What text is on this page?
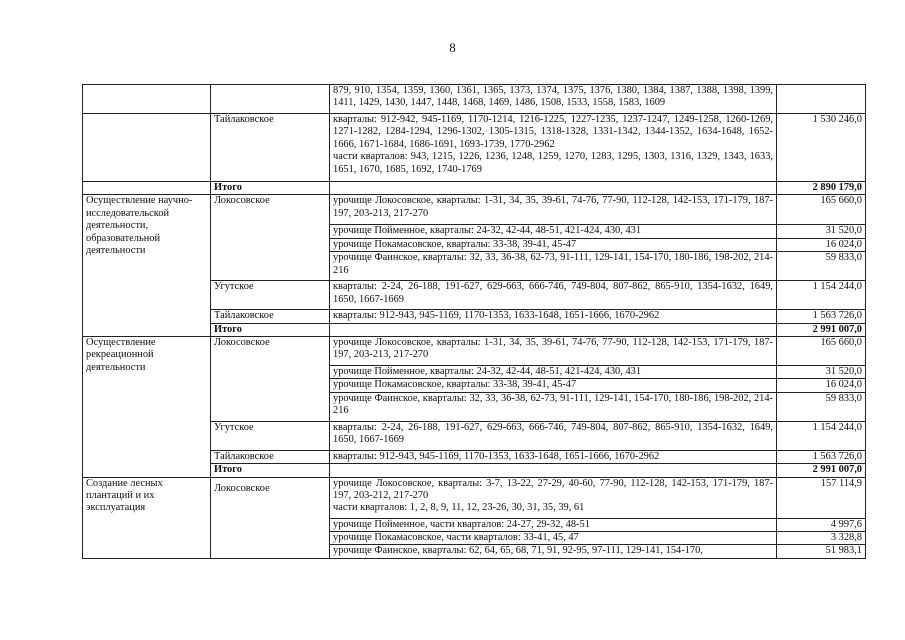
8
		879, 910, 1354, 1359, 1360, 1361, 1365, 1373, 1374, 1375, 1376, 1380, 1384, 1387, 1388, 1398, 1399, 1411, 1429, 1430, 1447, 1448, 1468, 1469, 1486, 1508, 1533, 1558, 1583, 1609	
	Тайлаковское	кварталы: 912-942, 945-1169, 1170-1214, 1216-1225, 1227-1235, 1237-1247, 1249-1258, 1260-1269, 1271-1282, 1284-1294, 1296-1302, 1305-1315, 1318-1328, 1331-1342, 1344-1352, 1634-1648, 1652-1666, 1671-1684, 1686-1691, 1693-1739, 1770-2962
части кварталов: 943, 1215, 1226, 1236, 1248, 1259, 1270, 1283, 1295, 1303, 1316, 1329, 1343, 1633, 1651, 1670, 1685, 1692, 1740-1769	1 530 246,0
	Итого		2 890 179,0
Осуществление научно-исследовательской деятельности, образовательной деятельности	Локосовское	урочище Локосовское, кварталы: 1-31, 34, 35, 39-61, 74-76, 77-90, 112-128, 142-153, 171-179, 187-197, 203-213, 217-270	165 660,0
		урочище Пойменное, кварталы: 24-32, 42-44, 48-51, 421-424, 430, 431	31 520,0
		урочище Покамасовское, кварталы: 33-38, 39-41, 45-47	16 024,0
		урочище Фаинское, кварталы: 32, 33, 36-38, 62-73, 91-111, 129-141, 154-170, 180-186, 198-202, 214-216	59 833,0
	Угутское	кварталы: 2-24, 26-188, 191-627, 629-663, 666-746, 749-804, 807-862, 865-910, 1354-1632, 1649, 1650, 1667-1669	1 154 244,0
	Тайлаковское	кварталы: 912-943, 945-1169, 1170-1353, 1633-1648, 1651-1666, 1670-2962	1 563 726,0
	Итого		2 991 007,0
Осуществление рекреационной деятельности	Локосовское	урочище Локосовское, кварталы: 1-31, 34, 35, 39-61, 74-76, 77-90, 112-128, 142-153, 171-179, 187-197, 203-213, 217-270	165 660,0
		урочище Пойменное, кварталы: 24-32, 42-44, 48-51, 421-424, 430, 431	31 520,0
		урочище Покамасовское, кварталы: 33-38, 39-41, 45-47	16 024,0
		урочище Фаинское, кварталы: 32, 33, 36-38, 62-73, 91-111, 129-141, 154-170, 180-186, 198-202, 214-216	59 833,0
	Угутское	кварталы: 2-24, 26-188, 191-627, 629-663, 666-746, 749-804, 807-862, 865-910, 1354-1632, 1649, 1650, 1667-1669	1 154 244,0
	Тайлаковское	кварталы: 912-943, 945-1169, 1170-1353, 1633-1648, 1651-1666, 1670-2962	1 563 726,0
	Итого		2 991 007,0
Создание лесных плантаций и их эксплуатация	Локосовское	урочище Локосовское, кварталы: 3-7, 13-22, 27-29, 40-60, 77-90, 112-128, 142-153, 171-179, 187-197, 203-212, 217-270
части кварталов: 1, 2, 8, 9, 11, 12, 23-26, 30, 31, 35, 39, 61	157 114,9
		урочище Пойменное, части кварталов: 24-27, 29-32, 48-51	4 997,6
		урочище Покамасовское, части кварталов: 33-41, 45, 47	3 328,8
		урочище Фаинское, кварталы: 62, 64, 65, 68, 71, 91, 92-95, 97-111, 129-141, 154-170,	51 983,1
